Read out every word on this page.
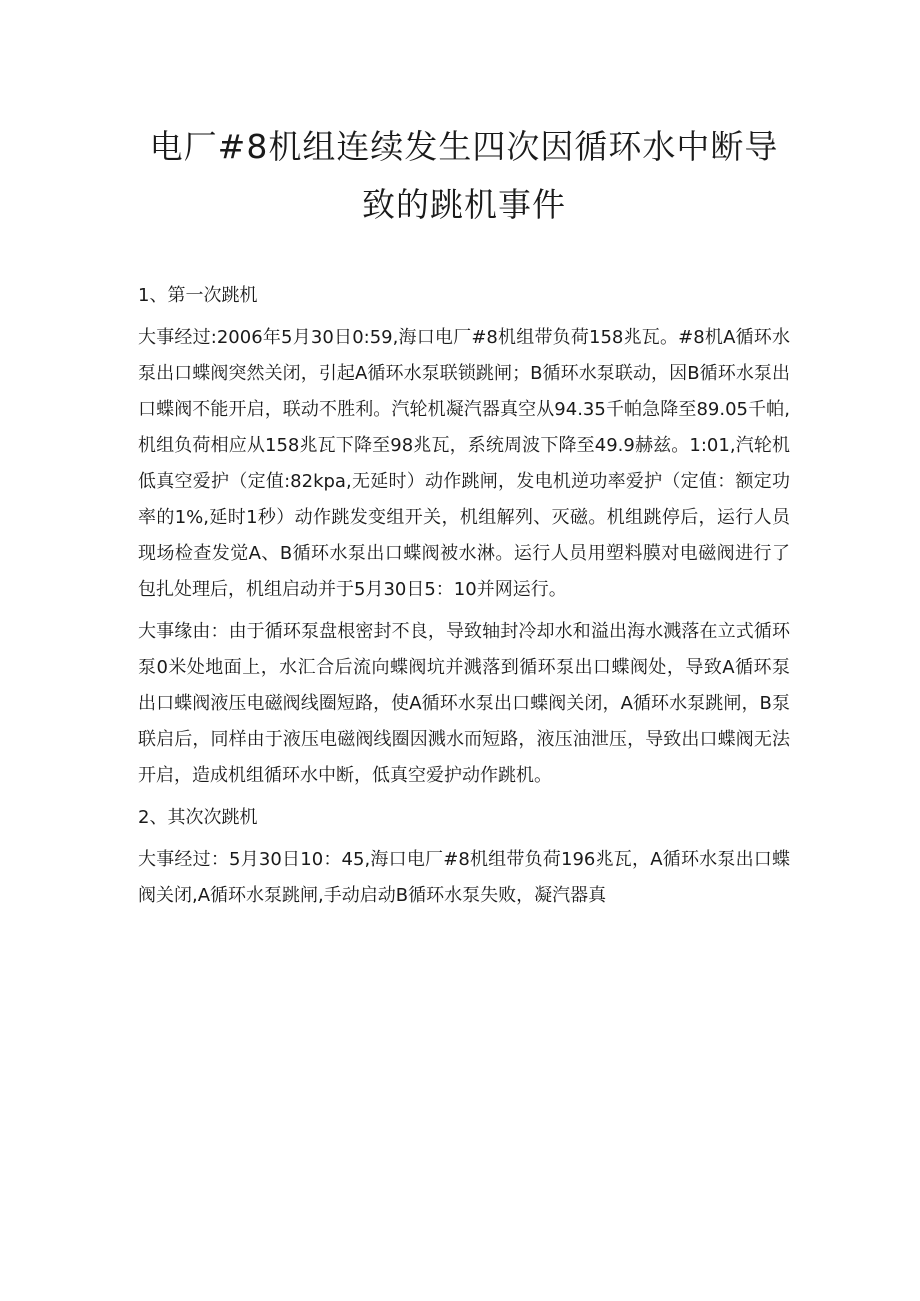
电厂#8机组连续发生四次因循环水中断导
致的跳机事件
1、第一次跳机

大事经过:2006年5月30日0:59,海口电厂#8机组带负荷158兆瓦。#8机A循环水泵出口蝶阀突然关闭，引起A循环水泵联锁跳闸；B循环水泵联动，因B循环水泵出口蝶阀不能开启，联动不胜利。汽轮机凝汽器真空从94.35千帕急降至89.05千帕,机组负荷相应从158兆瓦下降至98兆瓦，系统周波下降至49.9赫兹。1:01,汽轮机低真空爱护（定值:82kpa,无延时）动作跳闸，发电机逆功率爱护（定值：额定功率的1%,延时1秒）动作跳发变组开关，机组解列、灭磁。机组跳停后，运行人员现场检查发觉A、B循环水泵出口蝶阀被水淋。运行人员用塑料膜对电磁阀进行了包扎处理后，机组启动并于5月30日5：10并网运行。

大事缘由：由于循环泵盘根密封不良，导致轴封冷却水和溢出海水溅落在立式循环泵0米处地面上，水汇合后流向蝶阀坑并溅落到循环泵出口蝶阀处，导致A循环泵出口蝶阀液压电磁阀线圈短路，使A循环水泵出口蝶阀关闭，A循环水泵跳闸，B泵联启后，同样由于液压电磁阀线圈因溅水而短路，液压油泄压，导致出口蝶阀无法开启，造成机组循环水中断，低真空爱护动作跳机。

2、其次次跳机

大事经过：5月30日10：45,海口电厂#8机组带负荷196兆瓦，A循环水泵出口蝶阀关闭,A循环水泵跳闸,手动启动B循环水泵失败，凝汽器真
